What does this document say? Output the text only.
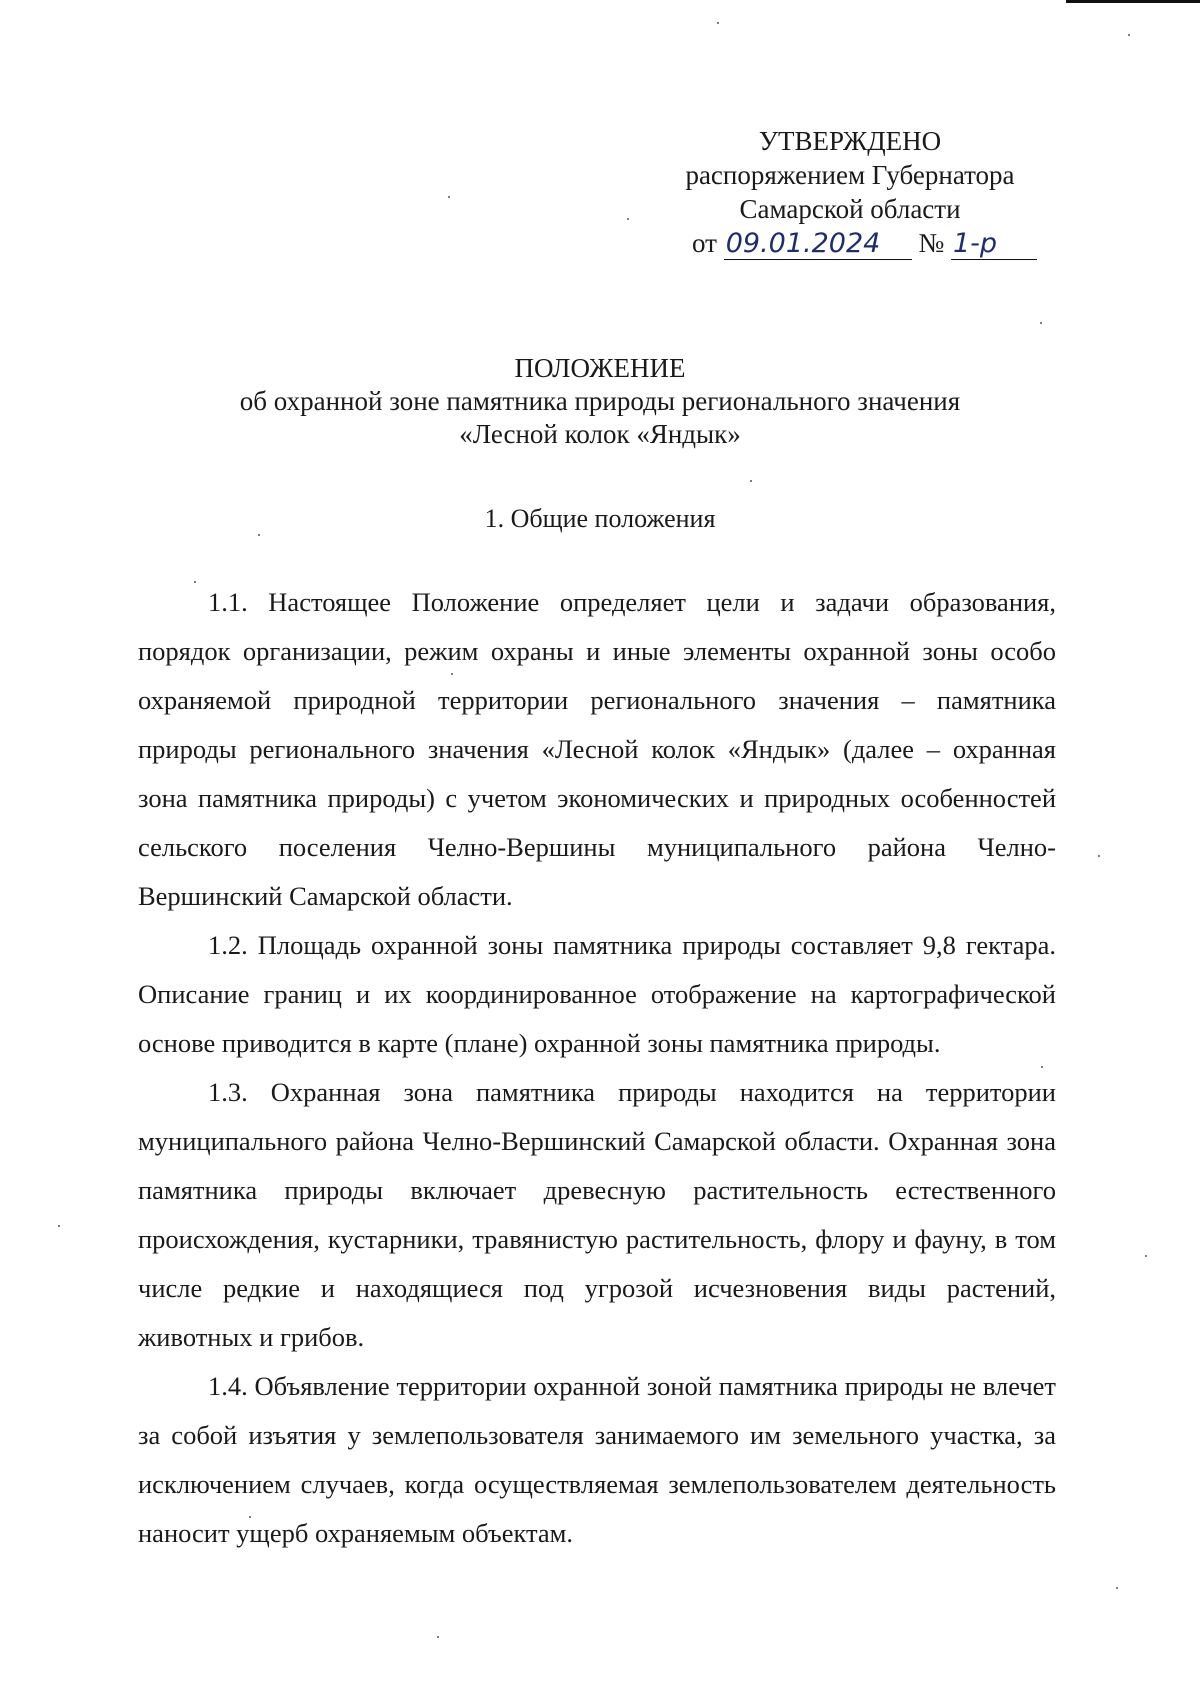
УТВЕРЖДЕНО
распоряжением Губернатора
Самарской области
от 09.01.2024 № 1-р
ПОЛОЖЕНИЕ
об охранной зоне памятника природы регионального значения
«Лесной колок «Яндык»
1. Общие положения

1.1. Настоящее Положение определяет цели и задачи образования, порядок организации, режим охраны и иные элементы охранной зоны особо охраняемой природной территории регионального значения – памятника природы регионального значения «Лесной колок «Яндык» (далее – охранная зона памятника природы) с учетом экономических и природных особенностей сельского поселения Челно-Вершины муниципального района Челно-Вершинский Самарской области.

1.2. Площадь охранной зоны памятника природы составляет 9,8 гектара. Описание границ и их координированное отображение на картографической основе приводится в карте (плане) охранной зоны памятника природы.

1.3. Охранная зона памятника природы находится на территории муниципального района Челно-Вершинский Самарской области. Охранная зона памятника природы включает древесную растительность естественного происхождения, кустарники, травянистую растительность, флору и фауну, в том числе редкие и находящиеся под угрозой исчезновения виды растений, животных и грибов.

1.4. Объявление территории охранной зоной памятника природы не влечет за собой изъятия у землепользователя занимаемого им земельного участка, за исключением случаев, когда осуществляемая землепользователем деятельность наносит ущерб охраняемым объектам.
